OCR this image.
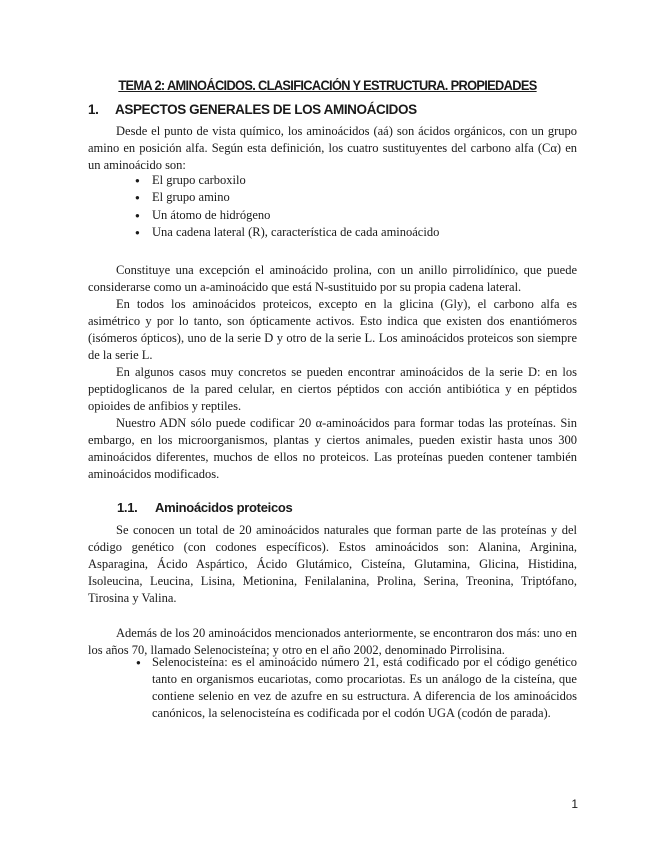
TEMA 2: AMINOÁCIDOS. CLASIFICACIÓN Y ESTRUCTURA. PROPIEDADES
1. ASPECTOS GENERALES DE LOS AMINOÁCIDOS

Desde el punto de vista químico, los aminoácidos (aá) son ácidos orgánicos, con un grupo amino en posición alfa. Según esta definición, los cuatro sustituyentes del carbono alfa (Cα) en un aminoácido son:

● El grupo carboxilo
● El grupo amino
● Un átomo de hidrógeno
● Una cadena lateral (R), característica de cada aminoácido

Constituye una excepción el aminoácido prolina, con un anillo pirrolidínico, que puede considerarse como un a-aminoácido que está N-sustituido por su propia cadena lateral.

En todos los aminoácidos proteicos, excepto en la glicina (Gly), el carbono alfa es asimétrico y por lo tanto, son ópticamente activos. Esto indica que existen dos enantiómeros (isómeros ópticos), uno de la serie D y otro de la serie L. Los aminoácidos proteicos son siempre de la serie L.

En algunos casos muy concretos se pueden encontrar aminoácidos de la serie D: en los peptidoglicanos de la pared celular, en ciertos péptidos con acción antibiótica y en péptidos opioides de anfibios y reptiles.

Nuestro ADN sólo puede codificar 20 α-aminoácidos para formar todas las proteínas. Sin embargo, en los microorganismos, plantas y ciertos animales, pueden existir hasta unos 300 aminoácidos diferentes, muchos de ellos no proteicos. Las proteínas pueden contener también aminoácidos modificados.

1.1. Aminoácidos proteicos

Se conocen un total de 20 aminoácidos naturales que forman parte de las proteínas y del código genético (con codones específicos). Estos aminoácidos son: Alanina, Arginina, Asparagina, Ácido Aspártico, Ácido Glutámico, Cisteína, Glutamina, Glicina, Histidina, Isoleucina, Leucina, Lisina, Metionina, Fenilalanina, Prolina, Serina, Treonina, Triptófano, Tirosina y Valina.

Además de los 20 aminoácidos mencionados anteriormente, se encontraron dos más: uno en los años 70, llamado Selenocisteína; y otro en el año 2002, denominado Pirrolisina.

● Selenocisteína: es el aminoácido número 21, está codificado por el código genético tanto en organismos eucariotas, como procariotas. Es un análogo de la cisteína, que contiene selenio en vez de azufre en su estructura. A diferencia de los aminoácidos canónicos, la selenocisteína es codificada por el codón UGA (codón de parada).
1
